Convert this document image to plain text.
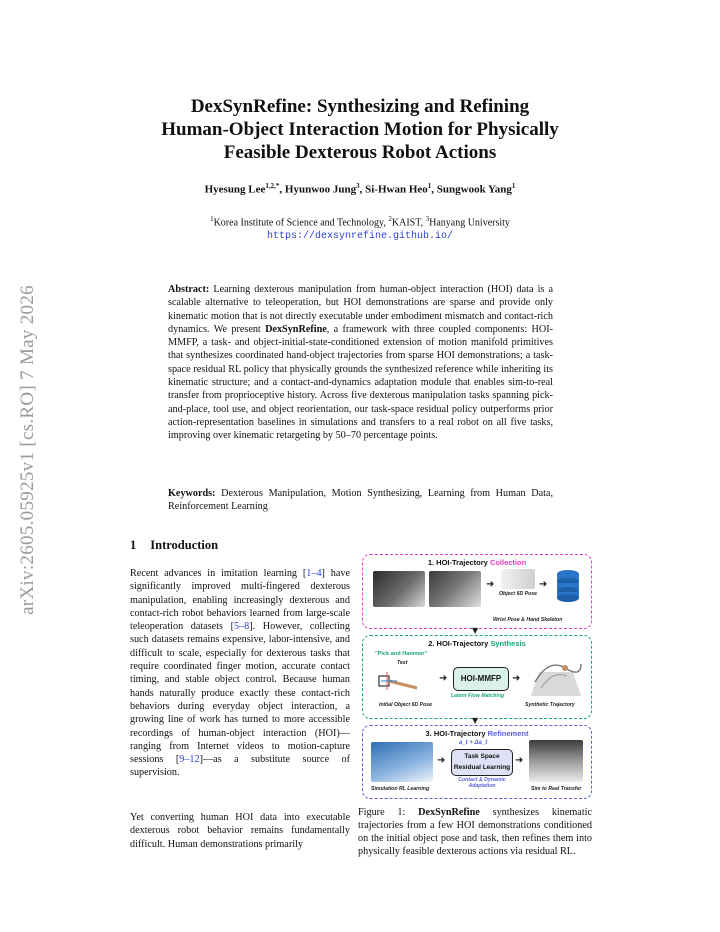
arXiv:2605.05925v1 [cs.RO] 7 May 2026
DexSynRefine: Synthesizing and Refining
Human-Object Interaction Motion for Physically
Feasible Dexterous Robot Actions
Hyesung Lee$^{1,2,*}$, Hyunwoo Jung$^3$, Si-Hwan Heo$^1$, Sungwook Yang$^1$
$^1$Korea Institute of Science and Technology, $^2$KAIST, $^3$Hanyang University
https://dexsynrefine.github.io/
Abstract: Learning dexterous manipulation from human-object interaction (HOI) data is a scalable alternative to teleoperation, but HOI demonstrations are sparse and provide only kinematic motion that is not directly executable under embodiment mismatch and contact-rich dynamics. We present DexSynRefine, a framework with three coupled components: HOI-MMFP, a task- and object-initial-state-conditioned extension of motion manifold primitives that synthesizes coordinated hand-object trajectories from sparse HOI demonstrations; a task-space residual RL policy that physically grounds the synthesized reference while inheriting its kinematic structure; and a contact-and-dynamics adaptation module that enables sim-to-real transfer from proprioceptive history. Across five dexterous manipulation tasks spanning pick-and-place, tool use, and object reorientation, our task-space residual policy outperforms prior action-representation baselines in simulations and transfers to a real robot on all five tasks, improving over kinematic retargeting by 50–70 percentage points.
Keywords: Dexterous Manipulation, Motion Synthesizing, Learning from Human Data, Reinforcement Learning
1 Introduction
Recent advances in imitation learning [1–4] have significantly improved multi-fingered dexterous manipulation, enabling increasingly dexterous and contact-rich robot behaviors learned from large-scale teleoperation datasets [5–8]. However, collecting such datasets remains expensive, labor-intensive, and difficult to scale, especially for dexterous tasks that require coordinated finger motion, accurate contact timing, and stable object control. Because human hands naturally produce exactly these contact-rich behaviors during everyday object interaction, a growing line of work has turned to more accessible recordings of human-object interaction (HOI)—ranging from Internet videos to motion-capture sessions [9–12]—as a substitute source of supervision.
Yet converting human HOI data into executable dexterous robot behavior remains fundamentally difficult. Human demonstrations primarily
1. HOI-Trajectory Collection
➜
Object 6D Pose
➜
Wrist Pose & Hand Skeleton
▼
2. HOI-Trajectory Synthesis
"Pick and Hammer"
Text
Initial Object 6D Pose
➜	HOI-MMFP
Latent Flow Matching
➜
Synthetic Trajectory
▼
3. HOI-Trajectory Refinement
Simulation RL Learning
➜
a_t + Δa_t
Task Space
Residual Learning
Contact & Dynamic
Adaptation
➜
Sim to Real Transfer
Figure 1: DexSynRefine synthesizes kinematic trajectories from a few HOI demonstrations conditioned on the initial object pose and task, then refines them into physically feasible dexterous actions via residual RL.
